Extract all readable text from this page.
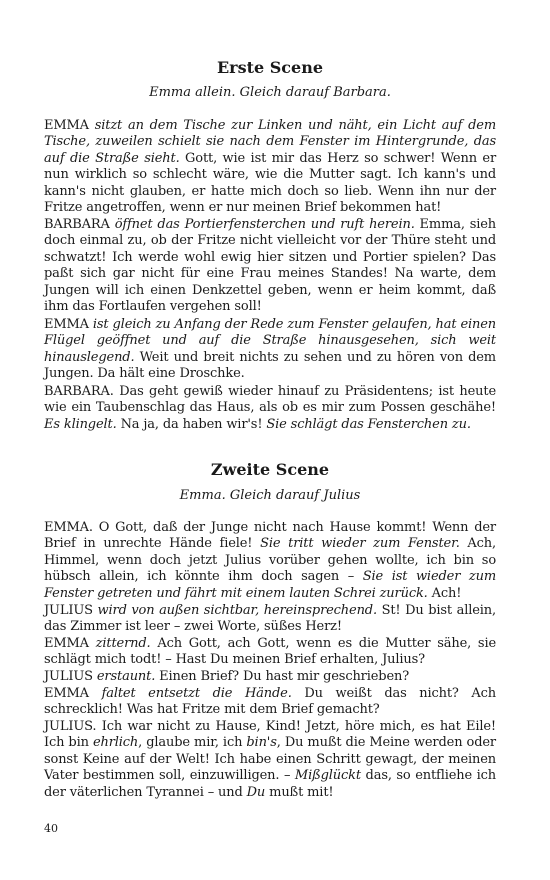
Erste Scene

Emma allein. Gleich darauf Barbara.

EMMA sitzt an dem Tische zur Linken und näht, ein Licht auf dem Tische, zuweilen schielt sie nach dem Fenster im Hintergrunde, das auf die Straße sieht. Gott, wie ist mir das Herz so schwer! Wenn er nun wirklich so schlecht wäre, wie die Mutter sagt. Ich kann's und kann's nicht glauben, er hatte mich doch so lieb. Wenn ihn nur der Fritze angetroffen, wenn er nur meinen Brief bekommen hat!

BARBARA öffnet das Portierfensterchen und ruft herein. Emma, sieh doch einmal zu, ob der Fritze nicht vielleicht vor der Thüre steht und schwatzt! Ich werde wohl ewig hier sitzen und Portier spielen? Das paßt sich gar nicht für eine Frau meines Standes! Na warte, dem Jungen will ich einen Denkzettel geben, wenn er heim kommt, daß ihm das Fortlaufen vergehen soll!

EMMA ist gleich zu Anfang der Rede zum Fenster gelaufen, hat einen Flügel geöffnet und auf die Straße hinausgesehen, sich weit hinauslegend. Weit und breit nichts zu sehen und zu hören von dem Jungen. Da hält eine Droschke.

BARBARA. Das geht gewiß wieder hinauf zu Präsidentens; ist heute wie ein Taubenschlag das Haus, als ob es mir zum Possen geschähe! Es klingelt. Na ja, da haben wir's! Sie schlägt das Fensterchen zu.

Zweite Scene

Emma. Gleich darauf Julius

EMMA. O Gott, daß der Junge nicht nach Hause kommt! Wenn der Brief in unrechte Hände fiele! Sie tritt wieder zum Fenster. Ach, Himmel, wenn doch jetzt Julius vorüber gehen wollte, ich bin so hübsch allein, ich könnte ihm doch sagen – Sie ist wieder zum Fenster getreten und fährt mit einem lauten Schrei zurück. Ach!

JULIUS wird von außen sichtbar, hereinsprechend. St! Du bist allein, das Zimmer ist leer – zwei Worte, süßes Herz!

EMMA zitternd. Ach Gott, ach Gott, wenn es die Mutter sähe, sie schlägt mich todt! – Hast Du meinen Brief erhalten, Julius?

JULIUS erstaunt. Einen Brief? Du hast mir geschrieben?

EMMA faltet entsetzt die Hände. Du weißt das nicht? Ach schrecklich! Was hat Fritze mit dem Brief gemacht?

JULIUS. Ich war nicht zu Hause, Kind! Jetzt, höre mich, es hat Eile! Ich bin ehrlich, glaube mir, ich bin's, Du mußt die Meine werden oder sonst Keine auf der Welt! Ich habe einen Schritt gewagt, der meinen Vater bestimmen soll, einzuwilligen. – Mißglückt das, so entfliehe ich der väterlichen Tyrannei – und Du mußt mit!

40
